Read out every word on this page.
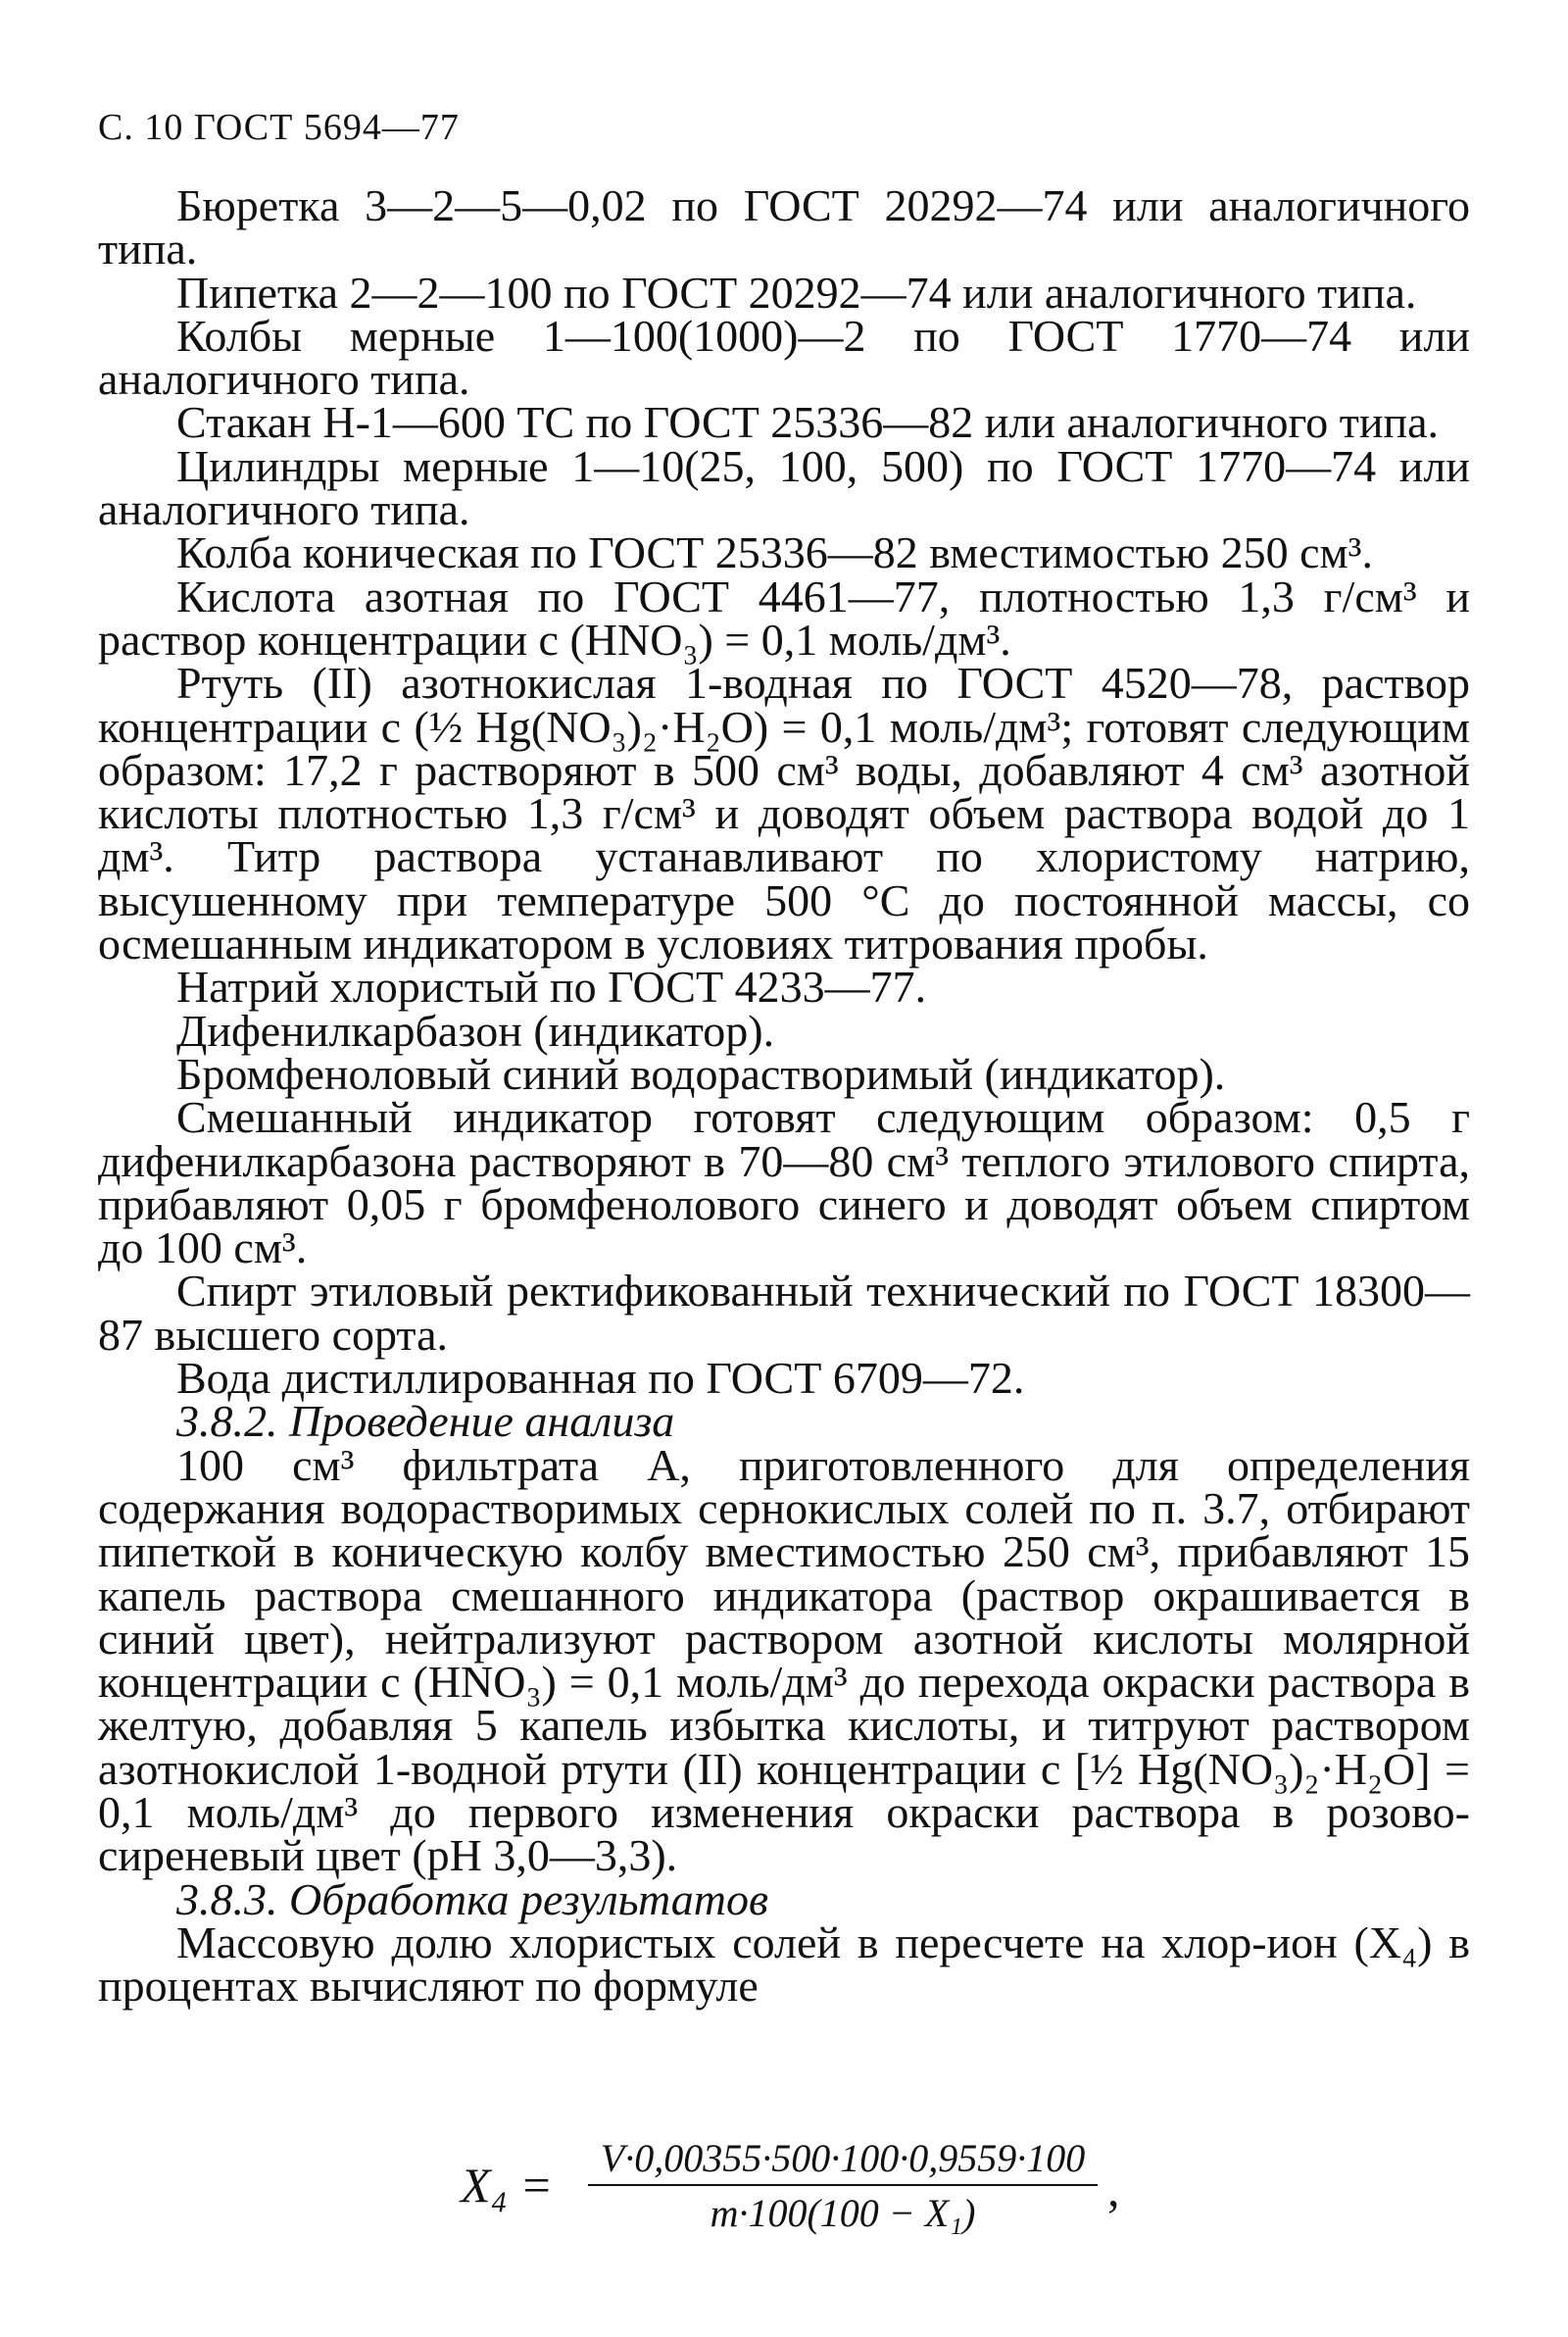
С. 10 ГОСТ 5694—77

Бюретка 3—2—5—0,02 по ГОСТ 20292—74 или аналогичного типа.

Пипетка 2—2—100 по ГОСТ 20292—74 или аналогичного типа.

Колбы мерные 1—100(1000)—2 по ГОСТ 1770—74 или аналогичного типа.

Стакан Н-1—600 ТС по ГОСТ 25336—82 или аналогичного типа.

Цилиндры мерные 1—10(25, 100, 500) по ГОСТ 1770—74 или аналогичного типа.

Колба коническая по ГОСТ 25336—82 вместимостью 250 см³.

Кислота азотная по ГОСТ 4461—77, плотностью 1,3 г/см³ и раствор концентрации c (HNO₃) = 0,1 моль/дм³.

Ртуть (II) азотнокислая 1-водная по ГОСТ 4520—78, раствор концентрации c (½ Hg(NO₃)₂·H₂O) = 0,1 моль/дм³; готовят следующим образом: 17,2 г растворяют в 500 см³ воды, добавляют 4 см³ азотной кислоты плотностью 1,3 г/см³ и доводят объем раствора водой до 1 дм³. Титр раствора устанавливают по хлористому натрию, высушенному при температуре 500 °С до постоянной массы, со осмешанным индикатором в условиях титрования пробы.

Натрий хлористый по ГОСТ 4233—77.

Дифенилкарбазон (индикатор).

Бромфеноловый синий водорастворимый (индикатор).

Смешанный индикатор готовят следующим образом: 0,5 г дифенилкарбазона растворяют в 70—80 см³ теплого этилового спирта, прибавляют 0,05 г бромфенолового синего и доводят объем спиртом до 100 см³.

Спирт этиловый ректификованный технический по ГОСТ 18300—87 высшего сорта.

Вода дистиллированная по ГОСТ 6709—72.

3.8.2. Проведение анализа

100 см³ фильтрата А, приготовленного для определения содержания водорастворимых сернокислых солей по п. 3.7, отбирают пипеткой в коническую колбу вместимостью 250 см³, прибавляют 15 капель раствора смешанного индикатора (раствор окрашивается в синий цвет), нейтрализуют раствором азотной кислоты молярной концентрации c (HNO₃) = 0,1 моль/дм³ до перехода окраски раствора в желтую, добавляя 5 капель избытка кислоты, и титруют раствором азотнокислой 1-водной ртути (II) концентрации c [½ Hg(NO₃)₂·H₂O] = 0,1 моль/дм³ до первого изменения окраски раствора в розово-сиреневый цвет (рН 3,0—3,3).

3.8.3. Обработка результатов

Массовую долю хлористых солей в пересчете на хлор-ион (X₄) в процентах вычисляют по формуле

X₄ =	V·0,00355·500·100·0,9559·100
m·100(100 − X₁)	,
